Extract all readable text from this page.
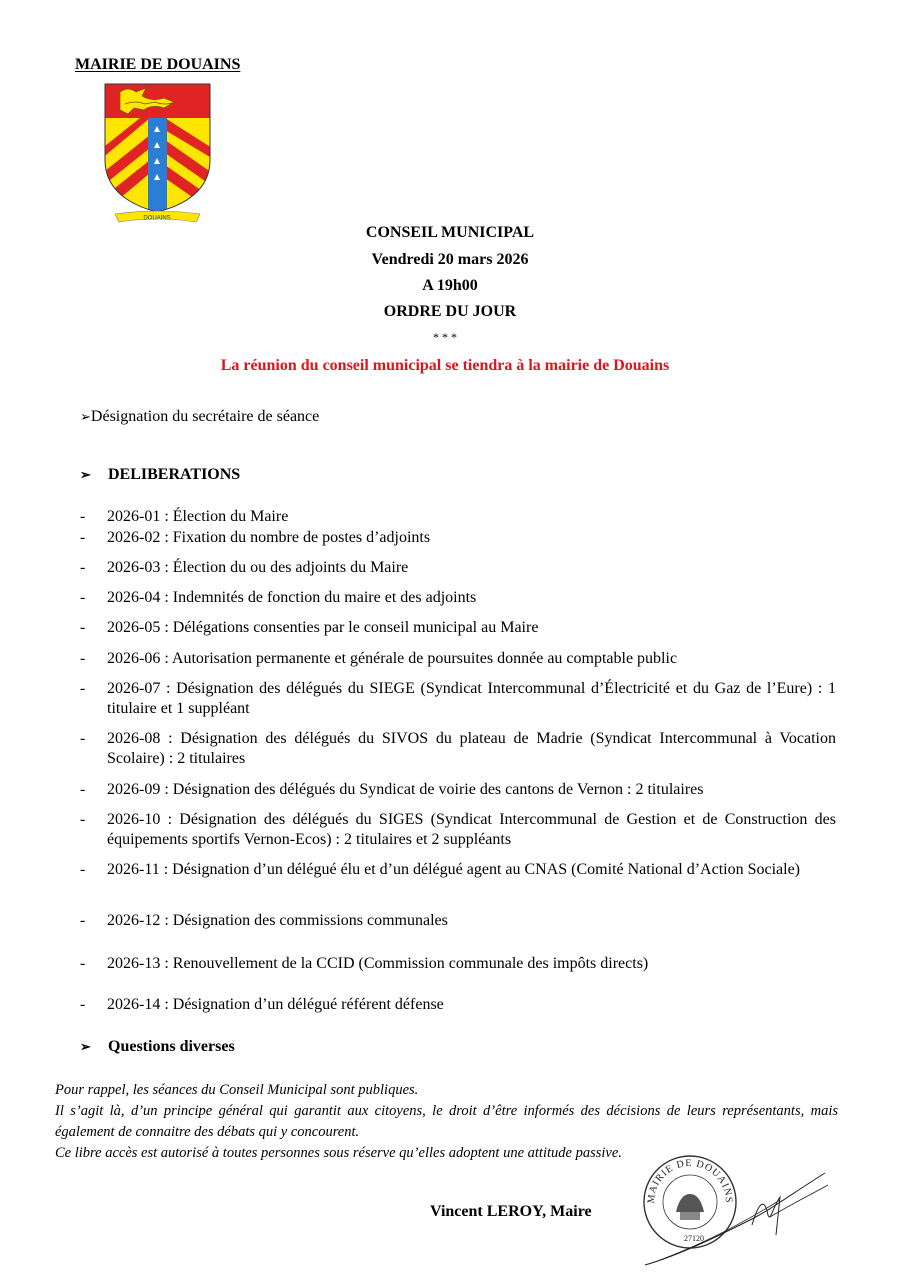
MAIRIE DE DOUAINS
DOUAINS
CONSEIL MUNICIPAL
Vendredi 20 mars 2026
A 19h00
ORDRE DU JOUR
* * *
La réunion du conseil municipal se tiendra à la mairie de Douains
➢Désignation du secrétaire de séance
➢ DELIBERATIONS
- 2026-01 : Élection du Maire
- 2026-02 : Fixation du nombre de postes d’adjoints
- 2026-03 : Élection du ou des adjoints du Maire
- 2026-04 : Indemnités de fonction du maire et des adjoints
- 2026-05 : Délégations consenties par le conseil municipal au Maire
- 2026-06 : Autorisation permanente et générale de poursuites donnée au comptable public
- 2026-07 : Désignation des délégués du SIEGE (Syndicat Intercommunal d’Électricité et du Gaz de l’Eure) : 1 titulaire et 1 suppléant
- 2026-08 : Désignation des délégués du SIVOS du plateau de Madrie (Syndicat Intercommunal à Vocation Scolaire) : 2 titulaires
- 2026-09 : Désignation des délégués du Syndicat de voirie des cantons de Vernon : 2 titulaires
- 2026-10 : Désignation des délégués du SIGES (Syndicat Intercommunal de Gestion et de Construction des équipements sportifs Vernon-Ecos) : 2 titulaires et 2 suppléants
- 2026-11 : Désignation d’un délégué élu et d’un délégué agent au CNAS (Comité National d’Action Sociale)
- 2026-12 : Désignation des commissions communales
- 2026-13 : Renouvellement de la CCID (Commission communale des impôts directs)
- 2026-14 : Désignation d’un délégué référent défense
➢ Questions diverses
Pour rappel, les séances du Conseil Municipal sont publiques.
Il s’agit là, d’un principe général qui garantit aux citoyens, le droit d’être informés des décisions de leurs représentants, mais également de connaitre des débats qui y concourent.
Ce libre accès est autorisé à toutes personnes sous réserve qu’elles adoptent une attitude passive.
MAIRIE DE DOUAINS
27120
Vincent LEROY, Maire
